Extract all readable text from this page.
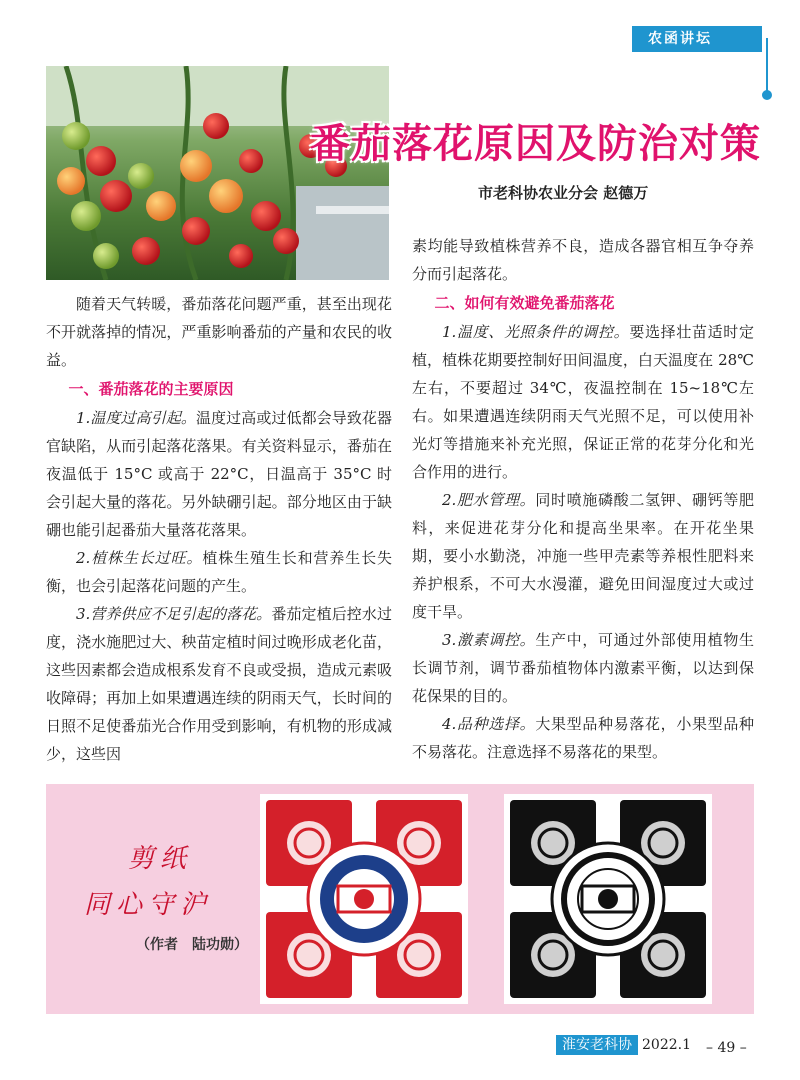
农函讲坛
番茄落花原因及防治对策
市老科协农业分会 赵德万

随着天气转暖，番茄落花问题严重，甚至出现花不开就落掉的情况，严重影响番茄的产量和农民的收益。

一、番茄落花的主要原因

1.温度过高引起。温度过高或过低都会导致花器官缺陷，从而引起落花落果。有关资料显示，番茄在夜温低于 15°C 或高于 22°C，日温高于 35°C 时会引起大量的落花。另外缺硼引起。部分地区由于缺硼也能引起番茄大量落花落果。

2.植株生长过旺。植株生殖生长和营养生长失衡，也会引起落花问题的产生。

3.营养供应不足引起的落花。番茄定植后控水过度，浇水施肥过大、秧苗定植时间过晚形成老化苗，这些因素都会造成根系发育不良或受损，造成元素吸收障碍；再加上如果遭遇连续的阴雨天气，长时间的日照不足使番茄光合作用受到影响，有机物的形成减少，这些因

素均能导致植株营养不良，造成各器官相互争夺养分而引起落花。

二、如何有效避免番茄落花

1.温度、光照条件的调控。要选择壮苗适时定植，植株花期要控制好田间温度，白天温度在 28℃左右，不要超过 34℃，夜温控制在 15~18℃左右。如果遭遇连续阴雨天气光照不足，可以使用补光灯等措施来补充光照，保证正常的花芽分化和光合作用的进行。

2.肥水管理。同时喷施磷酸二氢钾、硼钙等肥料，来促进花芽分化和提高坐果率。在开花坐果期，要小水勤浇，冲施一些甲壳素等养根性肥料来养护根系，不可大水漫灌，避免田间湿度过大或过度干旱。

3.激素调控。生产中，可通过外部使用植物生长调节剂，调节番茄植物体内激素平衡，以达到保花保果的目的。

4.品种选择。大果型品种易落花，小果型品种不易落花。注意选择不易落花的果型。

剪纸
同心守沪
（作者　陆功勋）
淮安老科协 2022.1 – 49 –
